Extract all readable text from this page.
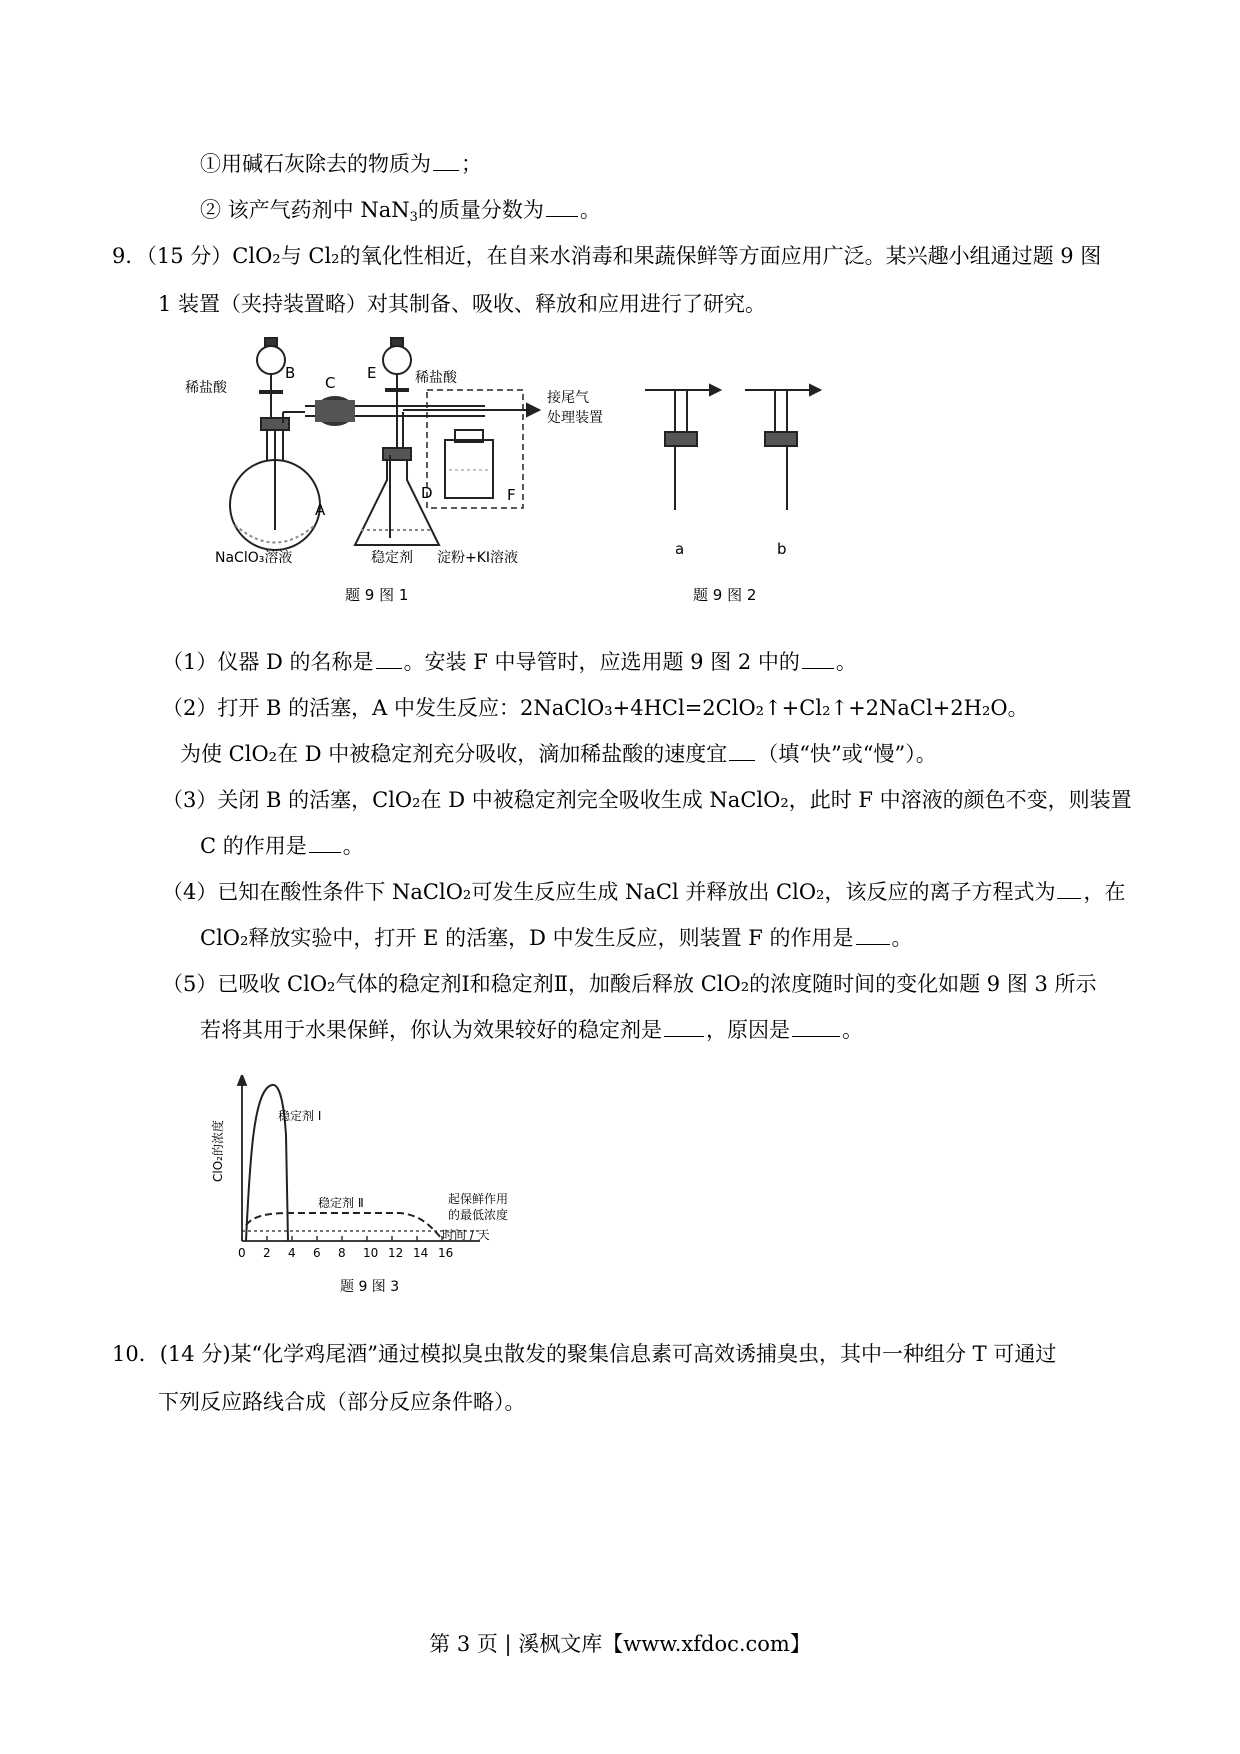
①用碱石灰除去的物质为 ；
② 该产气药剂中 NaN$_3$的质量分数为 。
9．（15 分）ClO₂与 Cl₂的氧化性相近，在自来水消毒和果蔬保鲜等方面应用广泛。某兴趣小组通过题 9 图
1 装置（夹持装置略）对其制备、吸收、释放和应用进行了研究。
稀盐酸
B
C
E	稀盐酸
接尾气
处理装置
A
D	F
NaClO₃溶液	稳定剂 淀粉+KI溶液
题 9 图 1
a	b
题 9 图 2
（1）仪器 D 的名称是 。安装 F 中导管时，应选用题 9 图 2 中的 。
（2）打开 B 的活塞，A 中发生反应：2NaClO₃+4HCl=2ClO₂↑+Cl₂↑+2NaCl+2H₂O。
为使 ClO₂在 D 中被稳定剂充分吸收，滴加稀盐酸的速度宜 （填“快”或“慢”）。
（3）关闭 B 的活塞，ClO₂在 D 中被稳定剂完全吸收生成 NaClO₂，此时 F 中溶液的颜色不变，则装置
C 的作用是 。
（4）已知在酸性条件下 NaClO₂可发生反应生成 NaCl 并释放出 ClO₂，该反应的离子方程式为 ，在
ClO₂释放实验中，打开 E 的活塞，D 中发生反应，则装置 F 的作用是 。
（5）已吸收 ClO₂气体的稳定剂Ⅰ和稳定剂Ⅱ，加酸后释放 ClO₂的浓度随时间的变化如题 9 图 3 所示
若将其用于水果保鲜，你认为效果较好的稳定剂是 ，原因是 。
0 2 4 6 8 10 12 14 16
ClO₂的浓度
时间 / 天
稳定剂 Ⅰ
稳定剂 Ⅱ	起保鲜作用
的最低浓度
题 9 图 3
10．(14 分)某“化学鸡尾酒”通过模拟臭虫散发的聚集信息素可高效诱捕臭虫，其中一种组分 T 可通过
下列反应路线合成（部分反应条件略）。
第 3 页 | 溪枫文库【www.xfdoc.com】
